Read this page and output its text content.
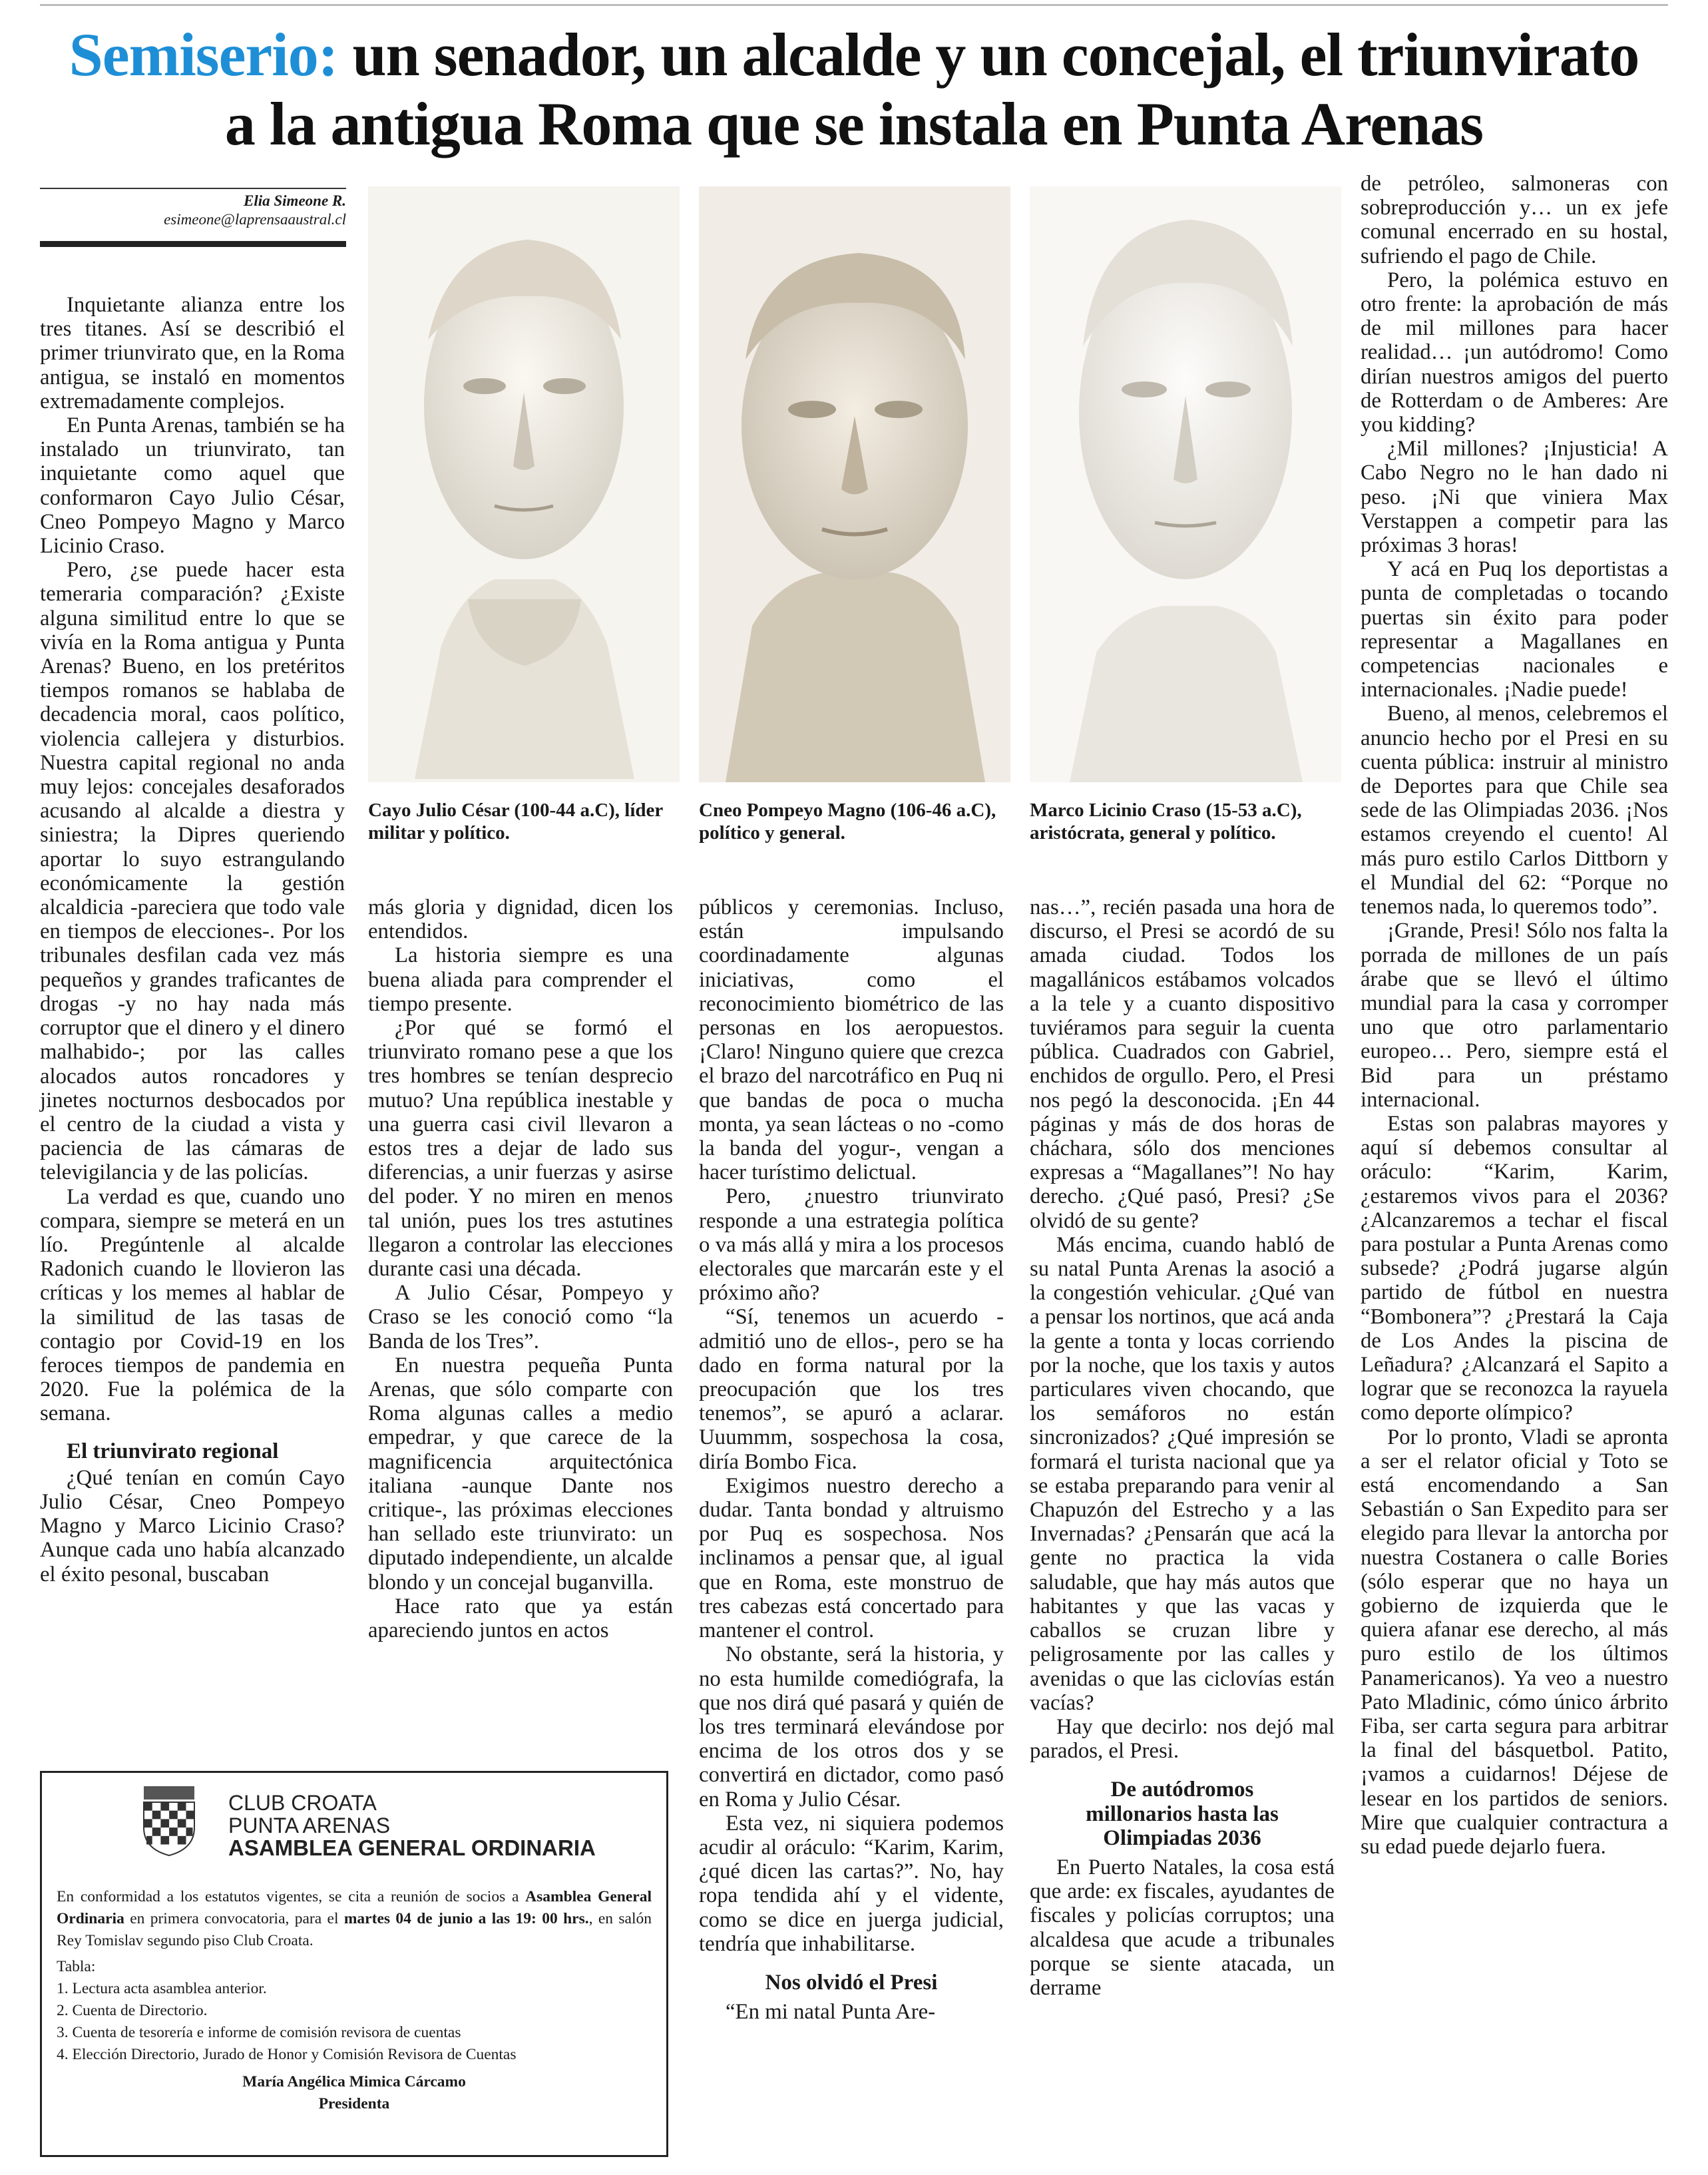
Semiserio: un senador, un alcalde y un concejal, el triunvirato
a la antigua Roma que se instala en Punta Arenas
Elia Simeone R.
esimeone@laprensaaustral.cl

Inquietante alianza entre los tres titanes. Así se describió el primer triunvirato que, en la Roma antigua, se instaló en momentos extremadamente complejos.

En Punta Arenas, también se ha instalado un triunvirato, tan inquietante como aquel que conformaron Cayo Julio César, Cneo Pompeyo Magno y Marco Licinio Craso.

Pero, ¿se puede hacer esta temeraria comparación? ¿Existe alguna similitud entre lo que se vivía en la Roma antigua y Punta Arenas? Bueno, en los pretéritos tiempos romanos se hablaba de decadencia moral, caos político, violencia callejera y disturbios. Nuestra capital regional no anda muy lejos: concejales desaforados acusando al alcalde a diestra y siniestra; la Dipres queriendo aportar lo suyo estrangulando económicamente la gestión alcaldicia -pareciera que todo vale en tiempos de elecciones-. Por los tribunales desfilan cada vez más pequeños y grandes traficantes de drogas -y no hay nada más corruptor que el dinero y el dinero malhabido-; por las calles alocados autos roncadores y jinetes nocturnos desbocados por el centro de la ciudad a vista y paciencia de las cámaras de televigilancia y de las policías.

La verdad es que, cuando uno compara, siempre se meterá en un lío. Pregúntenle al alcalde Radonich cuando le llovieron las críticas y los memes al hablar de la similitud de las tasas de contagio por Covid-19 en los feroces tiempos de pandemia en 2020. Fue la polémica de la semana.

El triunvirato regional

¿Qué tenían en común Cayo Julio César, Cneo Pompeyo Magno y Marco Licinio Craso? Aunque cada uno había alcanzado el éxito pesonal, buscaban

Cayo Julio César (100-44 a.C), líder militar y político.
Cneo Pompeyo Magno (106-46 a.C), político y general.
Marco Licinio Craso (15-53 a.C), aristócrata, general y político.

más gloria y dignidad, dicen los entendidos.

La historia siempre es una buena aliada para comprender el tiempo presente.

¿Por qué se formó el triunvirato romano pese a que los tres hombres se tenían desprecio mutuo? Una república inestable y una guerra casi civil llevaron a estos tres a dejar de lado sus diferencias, a unir fuerzas y asirse del poder. Y no miren en menos tal unión, pues los tres astutines llegaron a controlar las elecciones durante casi una década.

A Julio César, Pompeyo y Craso se les conoció como “la Banda de los Tres”.

En nuestra pequeña Punta Arenas, que sólo comparte con Roma algunas calles a medio empedrar, y que carece de la magnificencia arquitectónica italiana -aunque Dante nos critique-, las próximas elecciones han sellado este triunvirato: un diputado independiente, un alcalde blondo y un concejal buganvilla.

Hace rato que ya están apareciendo juntos en actos

públicos y ceremonias. Incluso, están impulsando coordinadamente algunas iniciativas, como el reconocimiento biométrico de las personas en los aeropuestos. ¡Claro! Ninguno quiere que crezca el brazo del narcotráfico en Puq ni que bandas de poca o mucha monta, ya sean lácteas o no -como la banda del yogur-, vengan a hacer turístimo delictual.

Pero, ¿nuestro triunvirato responde a una estrategia política o va más allá y mira a los procesos electorales que marcarán este y el próximo año?

“Sí, tenemos un acuerdo -admitió uno de ellos-, pero se ha dado en forma natural por la preocupación que los tres tenemos”, se apuró a aclarar. Uuummm, sospechosa la cosa, diría Bombo Fica.

Exigimos nuestro derecho a dudar. Tanta bondad y altruismo por Puq es sospechosa. Nos inclinamos a pensar que, al igual que en Roma, este monstruo de tres cabezas está concertado para mantener el control.

No obstante, será la historia, y no esta humilde comediógrafa, la que nos dirá qué pasará y quién de los tres terminará elevándose por encima de los otros dos y se convertirá en dictador, como pasó en Roma y Julio César.

Esta vez, ni siquiera podemos acudir al oráculo: “Karim, Karim, ¿qué dicen las cartas?”. No, hay ropa tendida ahí y el vidente, como se dice en juerga judicial, tendría que inhabilitarse.

Nos olvidó el Presi

“En mi natal Punta Are-

nas…”, recién pasada una hora de discurso, el Presi se acordó de su amada ciudad. Todos los magallánicos estábamos volcados a la tele y a cuanto dispositivo tuviéramos para seguir la cuenta pública. Cuadrados con Gabriel, enchidos de orgullo. Pero, el Presi nos pegó la desconocida. ¡En 44 páginas y más de dos horas de cháchara, sólo dos menciones expresas a “Magallanes”! No hay derecho. ¿Qué pasó, Presi? ¿Se olvidó de su gente?

Más encima, cuando habló de su natal Punta Arenas la asoció a la congestión vehicular. ¿Qué van a pensar los nortinos, que acá anda la gente a tonta y locas corriendo por la noche, que los taxis y autos particulares viven chocando, que los semáforos no están sincronizados? ¿Qué impresión se formará el turista nacional que ya se estaba preparando para venir al Chapuzón del Estrecho y a las Invernadas? ¿Pensarán que acá la gente no practica la vida saludable, que hay más autos que habitantes y que las vacas y caballos se cruzan libre y peligrosamente por las calles y avenidas o que las ciclovías están vacías?

Hay que decirlo: nos dejó mal parados, el Presi.

De autódromos millonarios hasta las Olimpiadas 2036

En Puerto Natales, la cosa está que arde: ex fiscales, ayudantes de fiscales y policías corruptos; una alcaldesa que acude a tribunales porque se siente atacada, un derrame

de petróleo, salmoneras con sobreproducción y… un ex jefe comunal encerrado en su hostal, sufriendo el pago de Chile.

Pero, la polémica estuvo en otro frente: la aprobación de más de mil millones para hacer realidad… ¡un autódromo! Como dirían nuestros amigos del puerto de Rotterdam o de Amberes: Are you kidding?

¿Mil millones? ¡Injusticia! A Cabo Negro no le han dado ni peso. ¡Ni que viniera Max Verstappen a competir para las próximas 3 horas!

Y acá en Puq los deportistas a punta de completadas o tocando puertas sin éxito para poder representar a Magallanes en competencias nacionales e internacionales. ¡Nadie puede!

Bueno, al menos, celebremos el anuncio hecho por el Presi en su cuenta pública: instruir al ministro de Deportes para que Chile sea sede de las Olimpiadas 2036. ¡Nos estamos creyendo el cuento! Al más puro estilo Carlos Dittborn y el Mundial del 62: “Porque no tenemos nada, lo queremos todo”.

¡Grande, Presi! Sólo nos falta la porrada de millones de un país árabe que se llevó el último mundial para la casa y corromper uno que otro parlamentario europeo… Pero, siempre está el Bid para un préstamo internacional.

Estas son palabras mayores y aquí sí debemos consultar al oráculo: “Karim, Karim, ¿estaremos vivos para el 2036? ¿Alcanzaremos a techar el fiscal para postular a Punta Arenas como subsede? ¿Podrá jugarse algún partido de fútbol en nuestra “Bombonera”? ¿Prestará la Caja de Los Andes la piscina de Leñadura? ¿Alcanzará el Sapito a lograr que se reconozca la rayuela como deporte olímpico?

Por lo pronto, Vladi se apronta a ser el relator oficial y Toto se está encomendando a San Sebastián o San Expedito para ser elegido para llevar la antorcha por nuestra Costanera o calle Bories (sólo esperar que no haya un gobierno de izquierda que le quiera afanar ese derecho, al más puro estilo de los últimos Panamericanos). Ya veo a nuestro Pato Mladinic, cómo único árbrito Fiba, ser carta segura para arbitrar la final del básquetbol. Patito, ¡vamos a cuidarnos! Déjese de lesear en los partidos de seniors. Mire que cualquier contractura a su edad puede dejarlo fuera.

CLUB CROATA
PUNTA ARENAS
ASAMBLEA GENERAL ORDINARIA
En conformidad a los estatutos vigentes, se cita a reunión de socios a Asamblea General Ordinaria en primera convocatoria, para el martes 04 de junio a las 19: 00 hrs., en salón Rey Tomislav segundo piso Club Croata.
Tabla:
1. Lectura acta asamblea anterior.
2. Cuenta de Directorio.
3. Cuenta de tesorería e informe de comisión revisora de cuentas
4. Elección Directorio, Jurado de Honor y Comisión Revisora de Cuentas
María Angélica Mimica Cárcamo
Presidenta
